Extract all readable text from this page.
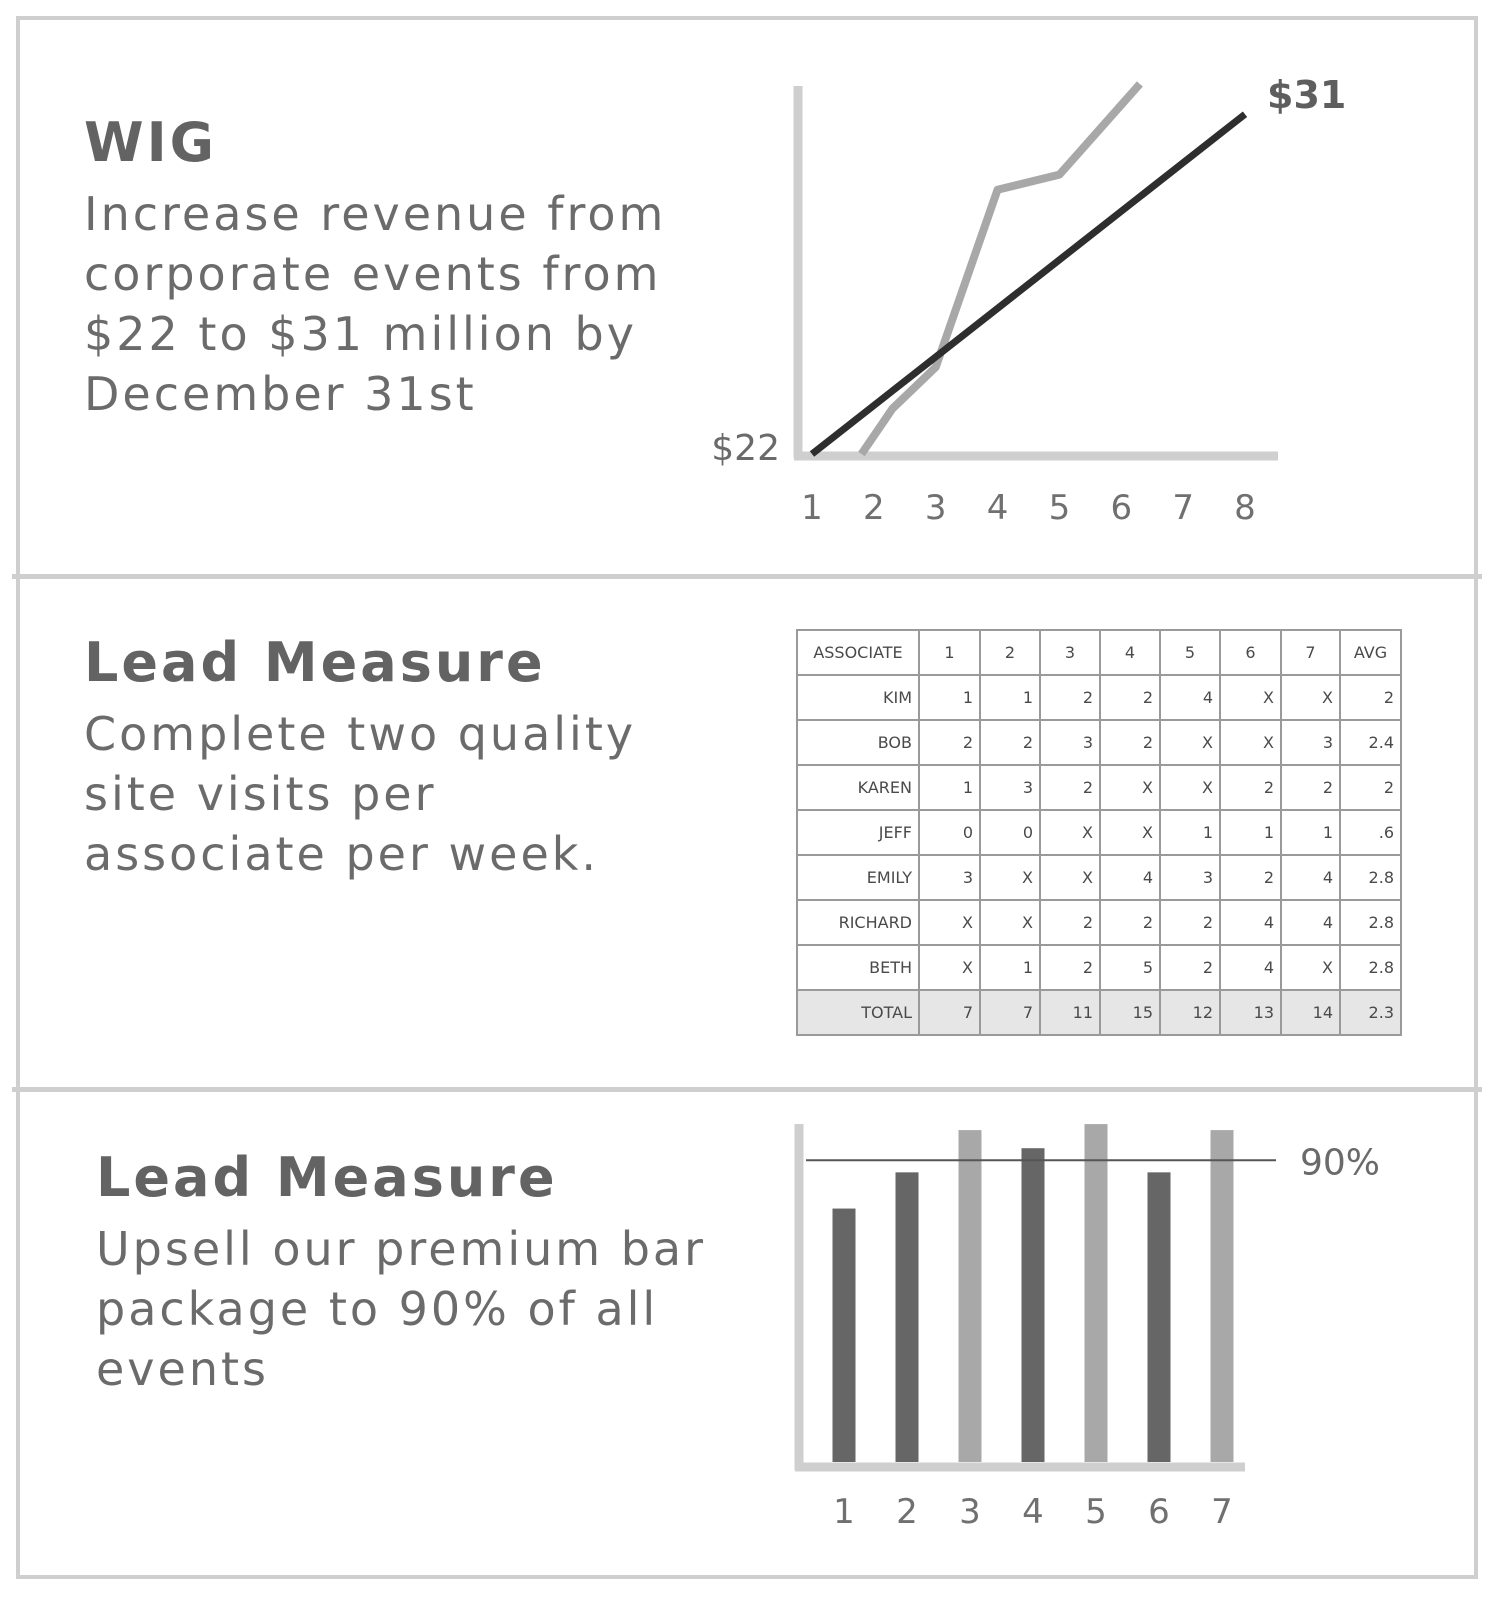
WIG

Increase revenue from
corporate events from
$22 to $31 million by
December 31st

1 2 3 4 5 6 7 8
$22
$31
Lead Measure

Complete two quality
site visits per
associate per week.

ASSOCIATE	1	2	3	4	5	6	7	AVG
KIM	1	1	2	2	4	X	X	2
BOB	2	2	3	2	X	X	3	2.4
KAREN	1	3	2	X	X	2	2	2
JEFF	0	0	X	X	1	1	1	.6
EMILY	3	X	X	4	3	2	4	2.8
RICHARD	X	X	2	2	2	4	4	2.8
BETH	X	1	2	5	2	4	X	2.8
TOTAL	7	7	11	15	12	13	14	2.3
Lead Measure

Upsell our premium bar
package to 90% of all
events

1 2 3 4 5 6 7
90%
